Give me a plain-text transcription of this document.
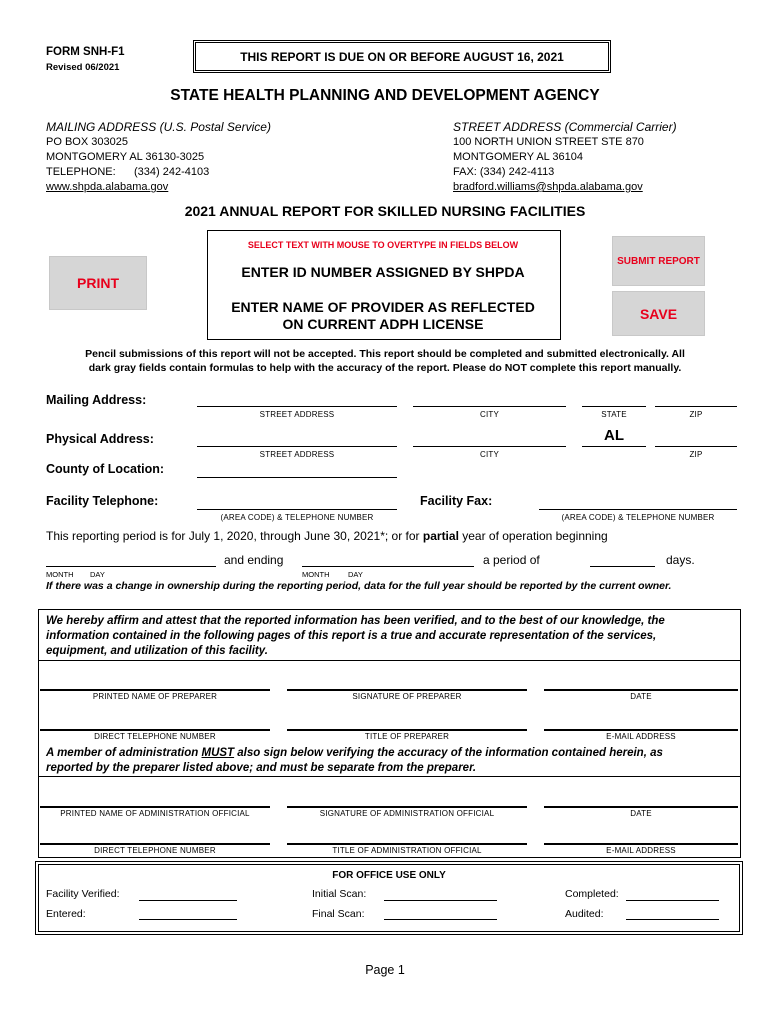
FORM SNH-F1
Revised 06/2021
THIS REPORT IS DUE ON OR BEFORE AUGUST 16, 2021
STATE HEALTH PLANNING AND DEVELOPMENT AGENCY
MAILING ADDRESS (U.S. Postal Service)
PO BOX 303025
MONTGOMERY AL 36130-3025
TELEPHONE:      (334) 242-4103
www.shpda.alabama.gov
STREET ADDRESS (Commercial Carrier)
100 NORTH UNION STREET STE 870
MONTGOMERY AL 36104
FAX: (334) 242-4113
bradford.williams@shpda.alabama.gov
2021 ANNUAL REPORT FOR SKILLED NURSING FACILITIES
SELECT TEXT WITH MOUSE TO OVERTYPE IN FIELDS BELOW
ENTER ID NUMBER ASSIGNED BY SHPDA
ENTER NAME OF PROVIDER AS REFLECTED
ON CURRENT ADPH LICENSE
PRINT
SUBMIT REPORT
SAVE
Pencil submissions of this report will not be accepted. This report should be completed and submitted electronically. All
dark gray fields contain formulas to help with the accuracy of the report. Please do NOT complete this report manually.
Mailing Address:
STREET ADDRESS	CITY	STATE	ZIP
Physical Address:	AL
STREET ADDRESS	CITY	ZIP
County of Location:
Facility Telephone:
(AREA CODE) & TELEPHONE NUMBER
Facility Fax:
(AREA CODE) & TELEPHONE NUMBER
This reporting period is for July 1, 2020, through June 30, 2021*; or for partial year of operation beginning
and ending	a period of	days.
MONTH DAY	MONTH DAY
If there was a change in ownership during the reporting period, data for the full year should be reported by the current owner.
We hereby affirm and attest that the reported information has been verified, and to the best of our knowledge, the
information contained in the following pages of this report is a true and accurate representation of the services,
equipment, and utilization of this facility.
PRINTED NAME OF PREPARER	SIGNATURE OF PREPARER	DATE
DIRECT TELEPHONE NUMBER	TITLE OF PREPARER	E-MAIL ADDRESS
A member of administration MUST also sign below verifying the accuracy of the information contained herein, as
reported by the preparer listed above; and must be separate from the preparer.
PRINTED NAME OF ADMINISTRATION OFFICIAL	SIGNATURE OF ADMINISTRATION OFFICIAL	DATE
DIRECT TELEPHONE NUMBER	TITLE OF ADMINISTRATION OFFICIAL	E-MAIL ADDRESS
FOR OFFICE USE ONLY
Facility Verified:	Initial Scan:	Completed:
Entered:	Final Scan:	Audited:
Page 1
